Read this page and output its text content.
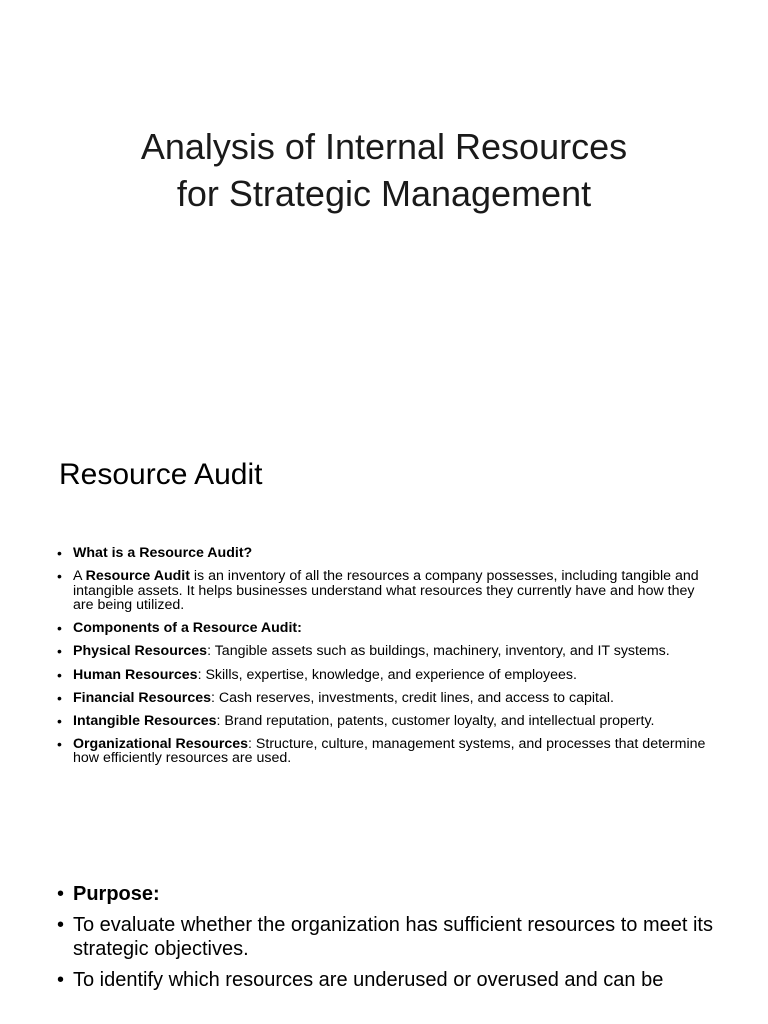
Analysis of Internal Resources
for Strategic Management
Resource Audit
• What is a Resource Audit?
• A Resource Audit is an inventory of all the resources a company possesses, including tangible and intangible assets. It helps businesses understand what resources they currently have and how they are being utilized.
• Components of a Resource Audit:
• Physical Resources: Tangible assets such as buildings, machinery, inventory, and IT systems.
• Human Resources: Skills, expertise, knowledge, and experience of employees.
• Financial Resources: Cash reserves, investments, credit lines, and access to capital.
• Intangible Resources: Brand reputation, patents, customer loyalty, and intellectual property.
• Organizational Resources: Structure, culture, management systems, and processes that determine how efficiently resources are used.
• Purpose:
• To evaluate whether the organization has sufficient resources to meet its strategic objectives.
• To identify which resources are underused or overused and can be
